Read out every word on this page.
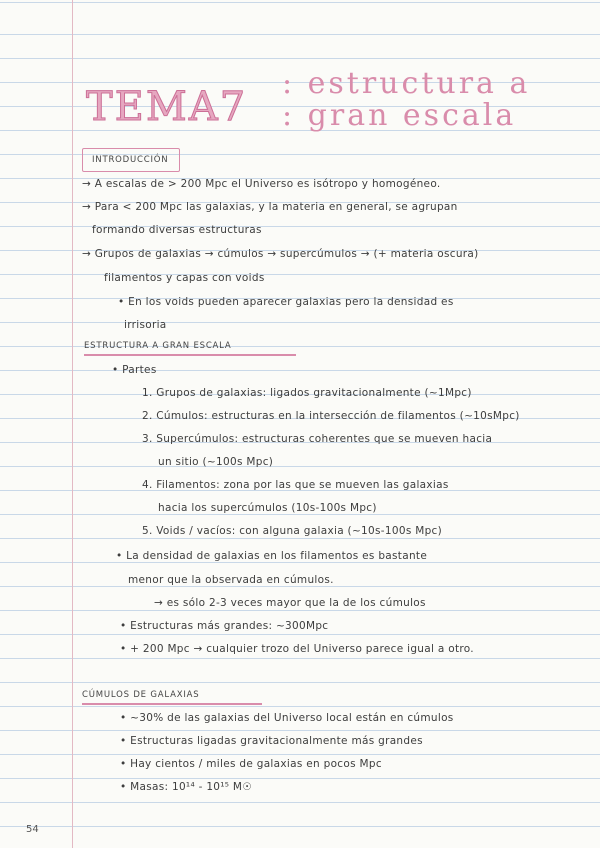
TEMA7
: estructura a
: gran escala
INTRODUCCIÓN
→ A escalas de > 200 Mpc el Universo es isótropo y homogéneo.
→ Para < 200 Mpc las galaxias, y la materia en general, se agrupan
formando diversas estructuras
→ Grupos de galaxias → cúmulos → supercúmulos → (+ materia oscura)
filamentos y capas con voids
• En los voids pueden aparecer galaxias pero la densidad es
irrisoria
ESTRUCTURA A GRAN ESCALA
• Partes
1. Grupos de galaxias: ligados gravitacionalmente (~1Mpc)
2. Cúmulos: estructuras en la intersección de filamentos (~10sMpc)
3. Supercúmulos: estructuras coherentes que se mueven hacia
un sitio (~100s Mpc)
4. Filamentos: zona por las que se mueven las galaxias
hacia los supercúmulos (10s-100s Mpc)
5. Voids / vacíos: con alguna galaxia (~10s-100s Mpc)
• La densidad de galaxias en los filamentos es bastante
menor que la observada en cúmulos.
→ es sólo 2-3 veces mayor que la de los cúmulos
• Estructuras más grandes: ~300Mpc
• + 200 Mpc → cualquier trozo del Universo parece igual a otro.
CÚMULOS DE GALAXIAS
• ~30% de las galaxias del Universo local están en cúmulos
• Estructuras ligadas gravitacionalmente más grandes
• Hay cientos / miles de galaxias en pocos Mpc
• Masas: 10¹⁴ - 10¹⁵ M☉
54
